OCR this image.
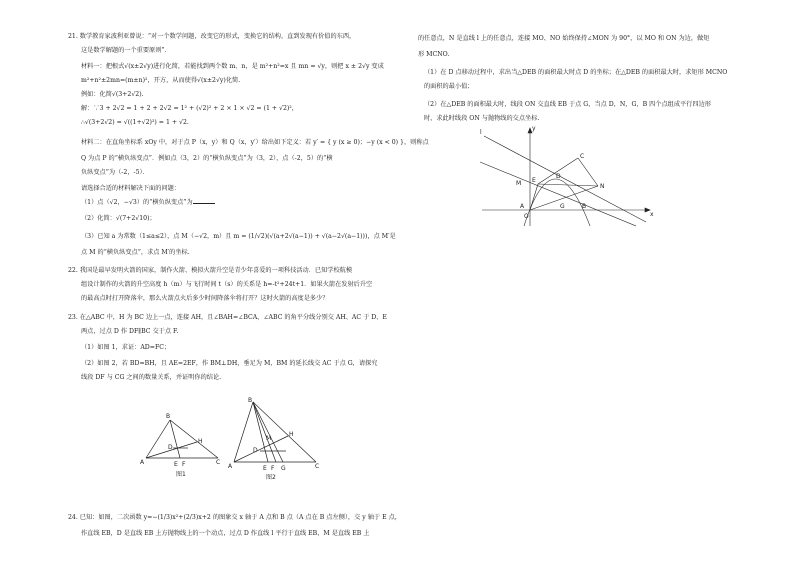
21. 数学教育家波利亚曾说：“对一个数学问题，改变它的形式，变换它的结构，直到发现有价值的东西，
这是数学解题的一个重要原则”．
材料一：把根式√(x±2√y)进行化简，若能找到两个数 m、n，是 m²+n²=x 且 mn = √y，则把 x ± 2√y 变成
m²+n²±2mn=(m±n)²，开方，从而使得√(x±2√y)化简.
例如：化简√(3+2√2).
解：∵3 + 2√2 = 1 + 2 + 2√2 = 1² + (√2)² + 2 × 1 × √2 = (1 + √2)²，
∴√(3+2√2) = √((1+√2)²) = 1 + √2.
材料二：在直角坐标系 xOy 中，对于点 P（x，y）和 Q（x，y′）给出如下定义：若 y′ = { y (x ≥ 0)；−y (x < 0) }，则称点
Q 为点 P 的“横负纵变点”．例如点（3，2）的“横负纵变点”为（3，2），点（-2，5）的“横
负纵变点”为（-2，-5）．
请选择合适的材料解决下面的问题：
（1）点（√2，−√3）的“横负纵变点”为
（2）化简：√(7+2√10)；
（3）已知 a 为常数（1≤a≤2），点 M（−√2，m）且 m = (1/√2)(√(a+2√(a−1)) + √(a−2√(a−1)))，点 M′是
点 M 的“横负纵变点”，求点 M′的坐标.
22. 我国是最早发明火箭的国家，制作火箭、模拟火箭升空是青少年喜爱的一项科技活动．已知学校航模
组设计制作的火箭的升空高度 h（m）与飞行时间 t（s）的关系是 h=-t²+24t+1．如果火箭在发射后升空
的最高点时打开降落伞，那么火箭点火后多少时间降落伞将打开？这时火箭的高度是多少？
23. 在△ABC 中，H 为 BC 边上一点，连接 AH，且∠BAH=∠BCA，∠ABC 的角平分线分别交 AH、AC 于 D、E
两点，过点 D 作 DF∥BC 交于点 F.
（1）如图 1，求证：AD=FC；
（2）如图 2，若 BD=BH，且 AE=2EF，作 BM⊥DH，垂足为 M，BM 的延长线交 AC 于点 G，请探究
线段 DF 与 CG 之间的数量关系，并证明你的结论.
24. 已知：如图，二次函数 y=−(1/3)x²+(2/3)x+2 的图象交 x 轴于 A 点和 B 点（A 点在 B 点左侧），交 y 轴于 E 点，
作直线 EB，D 是直线 EB 上方抛物线上的一个动点，过点 D 作直线 l 平行于直线 EB，M 是直线 EB 上
A
B
C
D
E F
H
图1
A
B
C
D
E F G
H
M
图2
的任意点，N 是直线 l 上的任意点，连接 MO、NO 始终保持∠MON 为 90°，以 MO 和 ON 为边，做矩
形 MCNO.
（1）在 D 点移动过程中，求出当△DEB 的面积最大时点 D 的坐标；在△DEB 的面积最大时，求矩形 MCNO
的面积的最小值；
（2）在△DEB 的面积最大时，线段 ON 交直线 EB 于点 G，当点 D，N，G，B 四个点组成平行四边形
时，求此时线段 ON 与抛物线的交点坐标.
l
y
x
O
A	B
C
D
E
G
M	N
